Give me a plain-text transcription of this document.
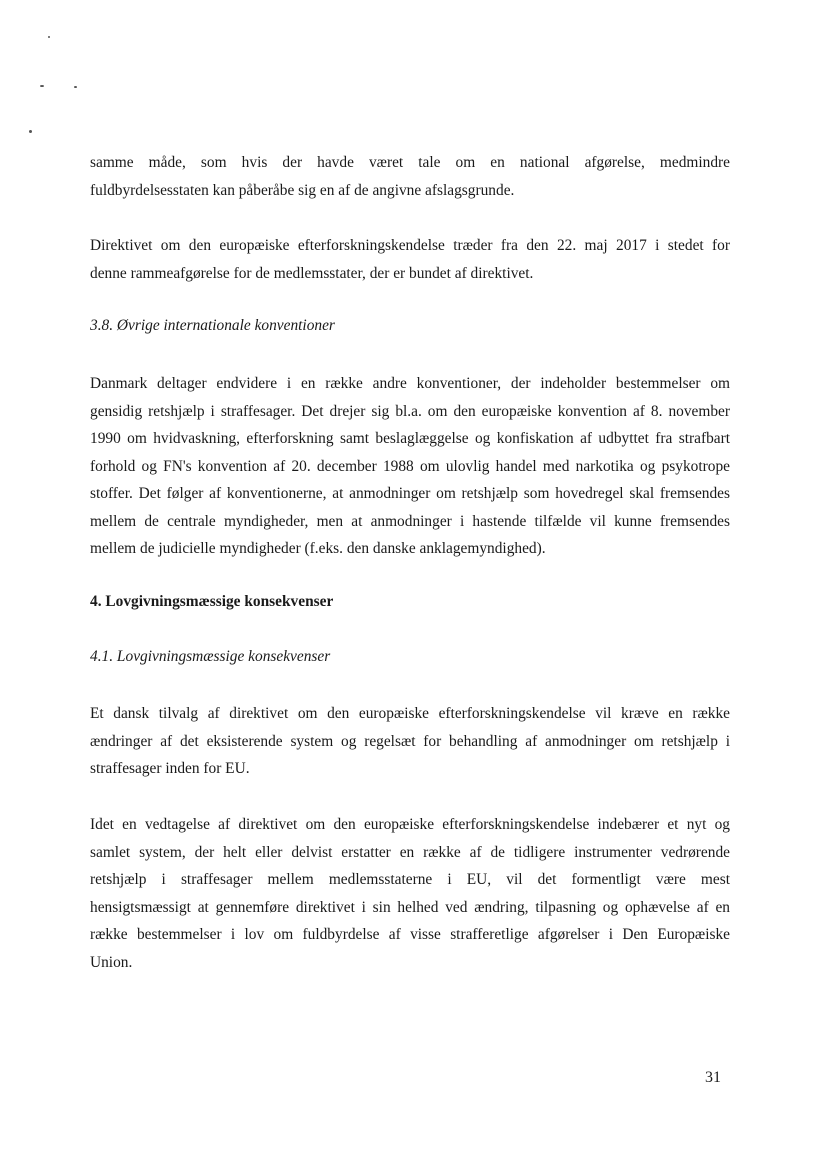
samme måde, som hvis der havde været tale om en national afgørelse, medmindre
fuldbyrdelsesstaten kan påberåbe sig en af de angivne afslagsgrunde.

Direktivet om den europæiske efterforskningskendelse træder fra den 22. maj 2017 i stedet for
denne rammeafgørelse for de medlemsstater, der er bundet af direktivet.

3.8. Øvrige internationale konventioner

Danmark deltager endvidere i en række andre konventioner, der indeholder bestemmelser om
gensidig retshjælp i straffesager. Det drejer sig bl.a. om den europæiske konvention af 8. november
1990 om hvidvaskning, efterforskning samt beslaglæggelse og konfiskation af udbyttet fra strafbart
forhold og FN's konvention af 20. december 1988 om ulovlig handel med narkotika og psykotrope
stoffer. Det følger af konventionerne, at anmodninger om retshjælp som hovedregel skal fremsendes
mellem de centrale myndigheder, men at anmodninger i hastende tilfælde vil kunne fremsendes
mellem de judicielle myndigheder (f.eks. den danske anklagemyndighed).

4. Lovgivningsmæssige konsekvenser

4.1. Lovgivningsmæssige konsekvenser

Et dansk tilvalg af direktivet om den europæiske efterforskningskendelse vil kræve en række
ændringer af det eksisterende system og regelsæt for behandling af anmodninger om retshjælp i
straffesager inden for EU.

Idet en vedtagelse af direktivet om den europæiske efterforskningskendelse indebærer et nyt og
samlet system, der helt eller delvist erstatter en række af de tidligere instrumenter vedrørende
retshjælp i straffesager mellem medlemsstaterne i EU, vil det formentligt være mest
hensigtsmæssigt at gennemføre direktivet i sin helhed ved ændring, tilpasning og ophævelse af en
række bestemmelser i lov om fuldbyrdelse af visse strafferetlige afgørelser i Den Europæiske
Union.

31
